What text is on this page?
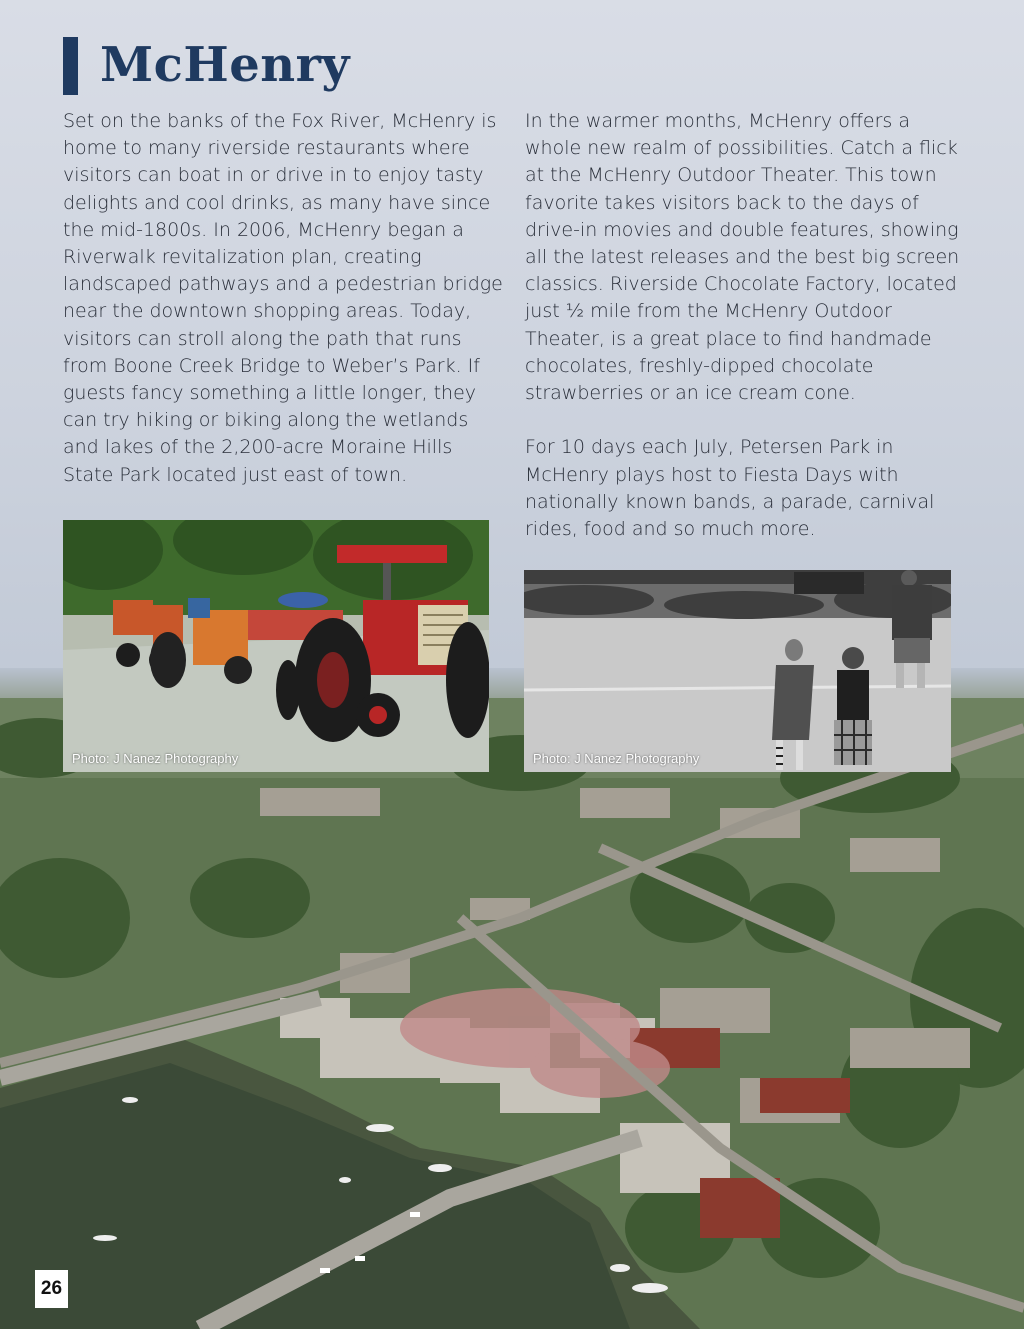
McHenry

Set on the banks of the Fox River, McHenry is home to many riverside restaurants where visitors can boat in or drive in to enjoy tasty delights and cool drinks, as many have since the mid-1800s. In 2006, McHenry began a Riverwalk revitalization plan, creating landscaped pathways and a pedestrian bridge near the downtown shopping areas. Today, visitors can stroll along the path that runs from Boone Creek Bridge to Weber’s Park. If guests fancy something a little longer, they can try hiking or biking along the wetlands and lakes of the 2,200-acre Moraine Hills State Park located just east of town.

In the warmer months, McHenry offers a whole new realm of possibilities. Catch a flick at the McHenry Outdoor Theater. This town favorite takes visitors back to the days of drive-in movies and double features, showing all the latest releases and the best big screen classics. Riverside Chocolate Factory, located just ½ mile from the McHenry Outdoor Theater, is a great place to find handmade chocolates, freshly-dipped chocolate strawberries or an ice cream cone.

For 10 days each July, Petersen Park in McHenry plays host to Fiesta Days with nationally known bands, a parade, carnival rides, food and so much more.

Photo: J Nanez Photography	Photo: J Nanez Photography
26
